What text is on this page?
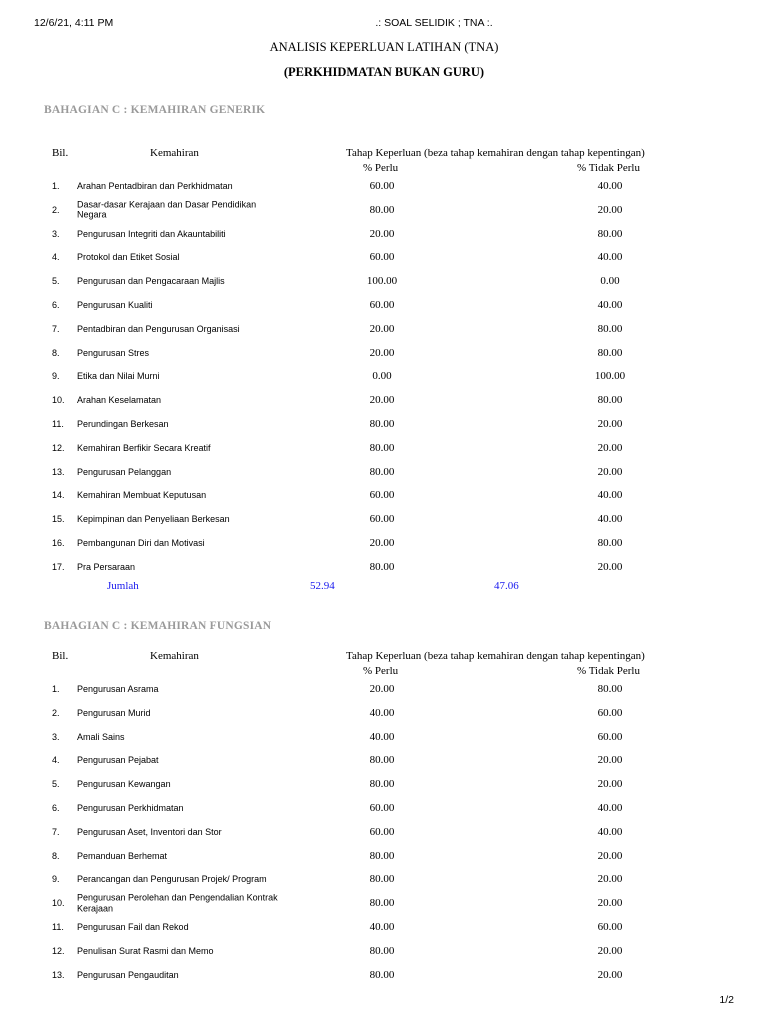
12/6/21, 4:11 PM	.: SOAL SELIDIK ; TNA :.
ANALISIS KEPERLUAN LATIHAN (TNA)
(PERKHIDMATAN BUKAN GURU)
BAHAGIAN C : KEMAHIRAN GENERIK
Bil.	Kemahiran	Tahap Keperluan (beza tahap kemahiran dengan tahap kepentingan)
% Perlu	% Tidak Perlu
1. Arahan Pentadbiran dan Perkhidmatan	60.00	40.00
2.
Dasar-dasar Kerajaan dan Dasar Pendidikan Negara	80.00	20.00
3. Pengurusan Integriti dan Akauntabiliti	20.00	80.00
4. Protokol dan Etiket Sosial	60.00	40.00
5. Pengurusan dan Pengacaraan Majlis	100.00	0.00
6. Pengurusan Kualiti	60.00	40.00
7. Pentadbiran dan Pengurusan Organisasi	20.00	80.00
8. Pengurusan Stres	20.00	80.00
9. Etika dan Nilai Murni	0.00	100.00
10. Arahan Keselamatan	20.00	80.00
11. Perundingan Berkesan	80.00	20.00
12. Kemahiran Berfikir Secara Kreatif	80.00	20.00
13. Pengurusan Pelanggan	80.00	20.00
14. Kemahiran Membuat Keputusan	60.00	40.00
15. Kepimpinan dan Penyeliaan Berkesan	60.00	40.00
16. Pembangunan Diri dan Motivasi	20.00	80.00
17. Pra Persaraan	80.00	20.00
Jumlah	52.94	47.06
BAHAGIAN C : KEMAHIRAN FUNGSIAN
Bil.	Kemahiran	Tahap Keperluan (beza tahap kemahiran dengan tahap kepentingan)
% Perlu	% Tidak Perlu
1. Pengurusan Asrama	20.00	80.00
2. Pengurusan Murid	40.00	60.00
3. Amali Sains	40.00	60.00
4. Pengurusan Pejabat	80.00	20.00
5. Pengurusan Kewangan	80.00	20.00
6. Pengurusan Perkhidmatan	60.00	40.00
7. Pengurusan Aset, Inventori dan Stor	60.00	40.00
8. Pemanduan Berhemat	80.00	20.00
9. Perancangan dan Pengurusan Projek/ Program	80.00	20.00
10.
Pengurusan Perolehan dan Pengendalian Kontrak Kerajaan	80.00	20.00
11. Pengurusan Fail dan Rekod	40.00	60.00
12. Penulisan Surat Rasmi dan Memo	80.00	20.00
13. Pengurusan Pengauditan	80.00	20.00
1/2
